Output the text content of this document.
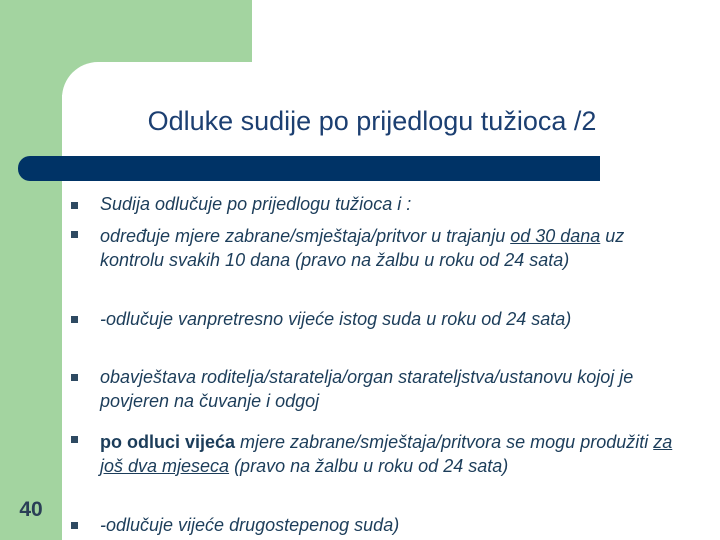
Odluke sudije po prijedlogu tužioca /2
Sudija odlučuje po prijedlogu tužioca i :
određuje mjere zabrane/smještaja/pritvor u trajanju od 30 dana uz kontrolu svakih 10 dana (pravo na žalbu u roku od 24 sata)
-odlučuje vanpretresno vijeće istog suda u roku od 24 sata)
obavještava roditelja/staratelja/organ starateljstva/ustanovu kojoj je povjeren na čuvanje i odgoj
po odluci vijeća mjere zabrane/smještaja/pritvora se mogu produžiti za još dva mjeseca (pravo na žalbu u roku od 24 sata)
-odlučuje vijeće drugostepenog suda)
40
